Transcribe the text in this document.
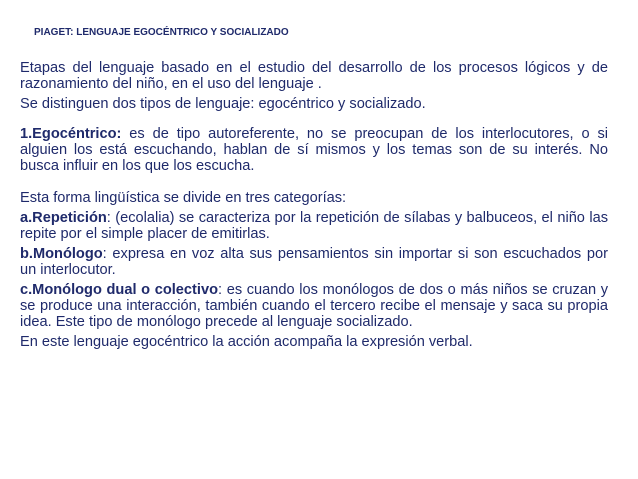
PIAGET: LENGUAJE EGOCÉNTRICO Y SOCIALIZADO

Etapas del lenguaje basado en el estudio del desarrollo de los procesos lógicos y de razonamiento del niño, en el uso del lenguaje .

Se distinguen dos tipos de lenguaje: egocéntrico y socializado.

1.Egocéntrico: es de tipo autoreferente, no se preocupan de los interlocutores, o si alguien los está escuchando, hablan de sí mismos y los temas son de su interés. No busca influir en los que los escucha.

Esta forma lingüística se divide en tres categorías:

a.Repetición: (ecolalia) se caracteriza por la repetición de sílabas y balbuceos, el niño las repite por el simple placer de emitirlas.

b.Monólogo: expresa en voz alta sus pensamientos sin importar si son escuchados por un interlocutor.

c.Monólogo dual o colectivo: es cuando los monólogos de dos o más niños se cruzan y se produce una interacción, también cuando el tercero recibe el mensaje y saca su propia idea. Este tipo de monólogo precede al lenguaje socializado.

En este lenguaje egocéntrico la acción acompaña la expresión verbal.
